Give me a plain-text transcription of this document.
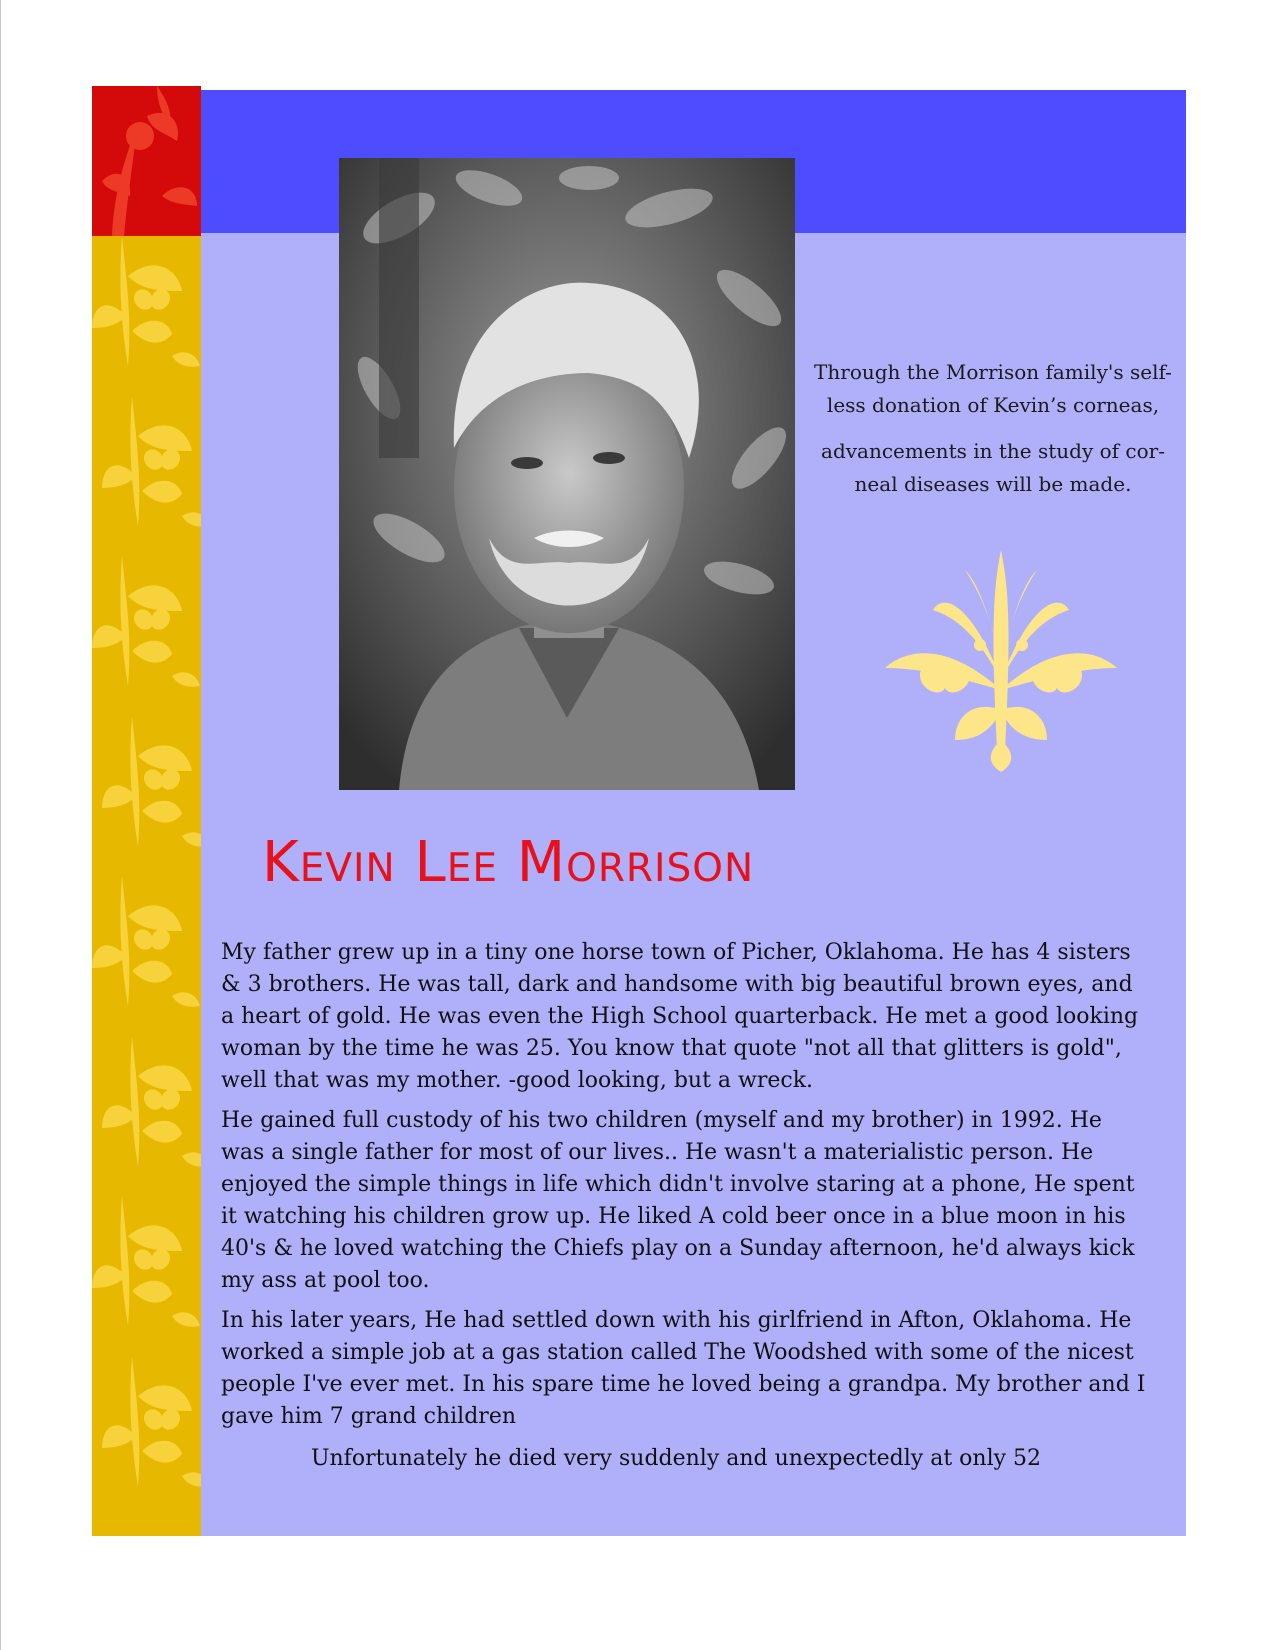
Through the Morrison family's self-

less donation of Kevin’s corneas,

advancements in the study of cor-

neal diseases will be made.

Kevin Lee Morrison

My father grew up in a tiny one horse town of Picher, Oklahoma. He has 4 sisters & 3 brothers. He was tall, dark and handsome with big beautiful brown eyes, and a heart of gold. He was even the High School quarterback. He met a good looking woman by the time he was 25. You know that quote "not all that glitters is gold", well that was my mother. -good looking, but a wreck.

He gained full custody of his two children (myself and my brother) in 1992. He was a single father for most of our lives.. He wasn't a materialistic person. He enjoyed the simple things in life which didn't involve staring at a phone, He spent it watching his children grow up. He liked A cold beer once in a blue moon in his 40's & he loved watching the Chiefs play on a Sunday afternoon, he'd always kick my ass at pool too.

In his later years, He had settled down with his girlfriend in Afton, Oklahoma. He worked a simple job at a gas station called The Woodshed with some of the nicest people I've ever met. In his spare time he loved being a grandpa. My brother and I gave him 7 grand children

Unfortunately he died very suddenly and unexpectedly at only 52
